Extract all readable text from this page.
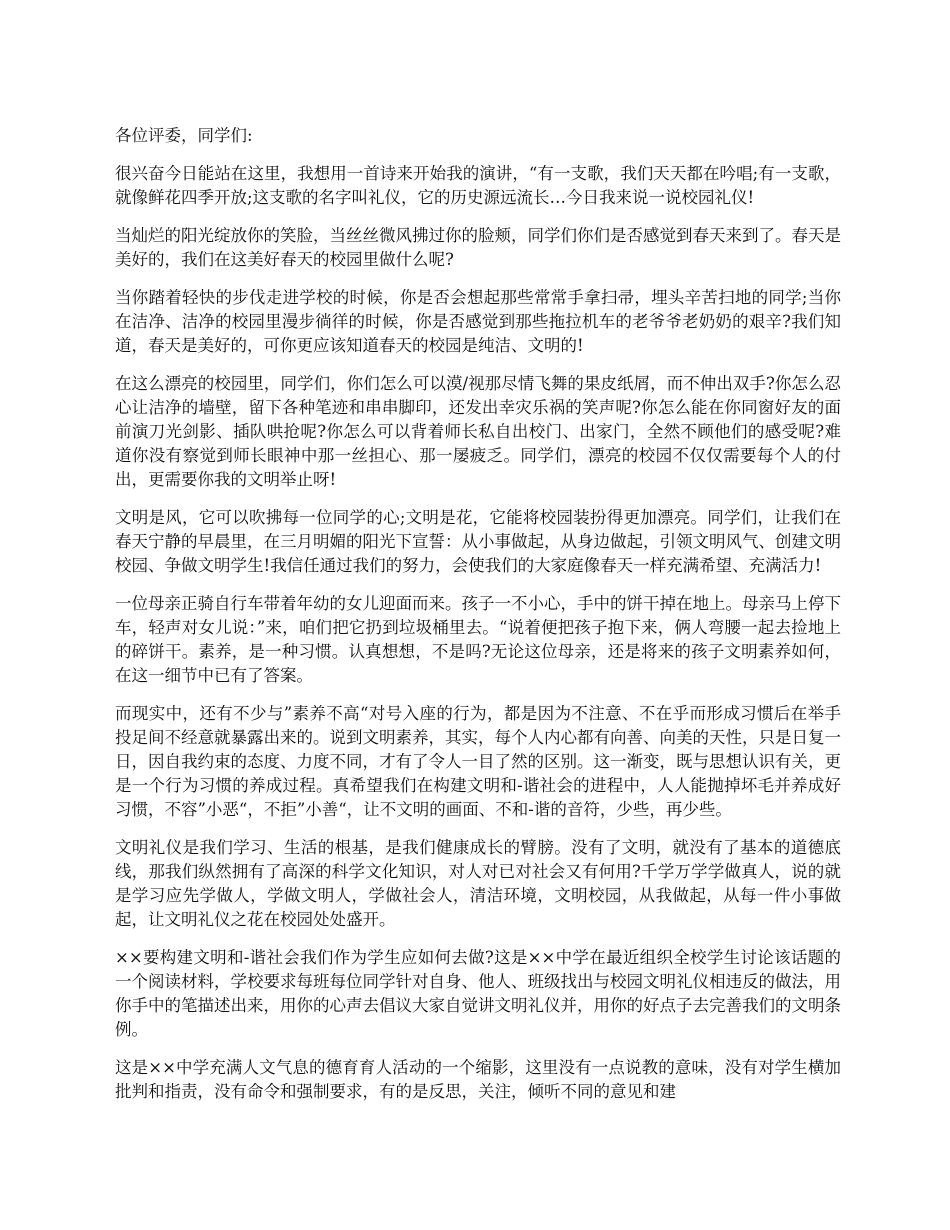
各位评委，同学们:

很兴奋今日能站在这里，我想用一首诗来开始我的演讲，“有一支歌，我们天天都在吟唱;有一支歌，就像鲜花四季开放;这支歌的名字叫礼仪，它的历史源远流长…今日我来说一说校园礼仪!

当灿烂的阳光绽放你的笑脸，当丝丝微风拂过你的脸颊，同学们你们是否感觉到春天来到了。春天是美好的，我们在这美好春天的校园里做什么呢?

当你踏着轻快的步伐走进学校的时候，你是否会想起那些常常手拿扫帚，埋头辛苦扫地的同学;当你在洁净、洁净的校园里漫步徜徉的时候，你是否感觉到那些拖拉机车的老爷爷老奶奶的艰辛?我们知道，春天是美好的，可你更应该知道春天的校园是纯洁、文明的!

在这么漂亮的校园里，同学们，你们怎么可以漠/视那尽情飞舞的果皮纸屑，而不伸出双手?你怎么忍心让洁净的墙壁，留下各种笔迹和串串脚印，还发出幸灾乐祸的笑声呢?你怎么能在你同窗好友的面前演刀光剑影、插队哄抢呢?你怎么可以背着师长私自出校门、出家门，全然不顾他们的感受呢?难道你没有察觉到师长眼神中那一丝担心、那一屡疲乏。同学们，漂亮的校园不仅仅需要每个人的付出，更需要你我的文明举止呀!

文明是风，它可以吹拂每一位同学的心;文明是花，它能将校园装扮得更加漂亮。同学们，让我们在春天宁静的早晨里，在三月明媚的阳光下宣誓：从小事做起，从身边做起，引领文明风气、创建文明校园、争做文明学生!我信任通过我们的努力，会使我们的大家庭像春天一样充满希望、充满活力!

一位母亲正骑自行车带着年幼的女儿迎面而来。孩子一不小心，手中的饼干掉在地上。母亲马上停下车，轻声对女儿说：”来，咱们把它扔到垃圾桶里去。“说着便把孩子抱下来，俩人弯腰一起去捡地上的碎饼干。素养，是一种习惯。认真想想，不是吗?无论这位母亲，还是将来的孩子文明素养如何，在这一细节中已有了答案。

而现实中，还有不少与”素养不高“对号入座的行为，都是因为不注意、不在乎而形成习惯后在举手投足间不经意就暴露出来的。说到文明素养，其实，每个人内心都有向善、向美的天性，只是日复一日，因自我约束的态度、力度不同，才有了令人一目了然的区别。这一渐变，既与思想认识有关，更是一个行为习惯的养成过程。真希望我们在构建文明和-谐社会的进程中，人人能抛掉坏毛并养成好习惯，不容”小恶“，不拒”小善“，让不文明的画面、不和-谐的音符，少些，再少些。

文明礼仪是我们学习、生活的根基，是我们健康成长的臂膀。没有了文明，就没有了基本的道德底线，那我们纵然拥有了高深的科学文化知识，对人对已对社会又有何用?千学万学学做真人，说的就是学习应先学做人，学做文明人，学做社会人，清洁环境，文明校园，从我做起，从每一件小事做起，让文明礼仪之花在校园处处盛开。

××要构建文明和-谐社会我们作为学生应如何去做?这是××中学在最近组织全校学生讨论该话题的一个阅读材料，学校要求每班每位同学针对自身、他人、班级找出与校园文明礼仪相违反的做法，用你手中的笔描述出来，用你的心声去倡议大家自觉讲文明礼仪并，用你的好点子去完善我们的文明条例。

这是××中学充满人文气息的德育育人活动的一个缩影，这里没有一点说教的意味，没有对学生横加批判和指责，没有命令和强制要求，有的是反思，关注，倾听不同的意见和建
